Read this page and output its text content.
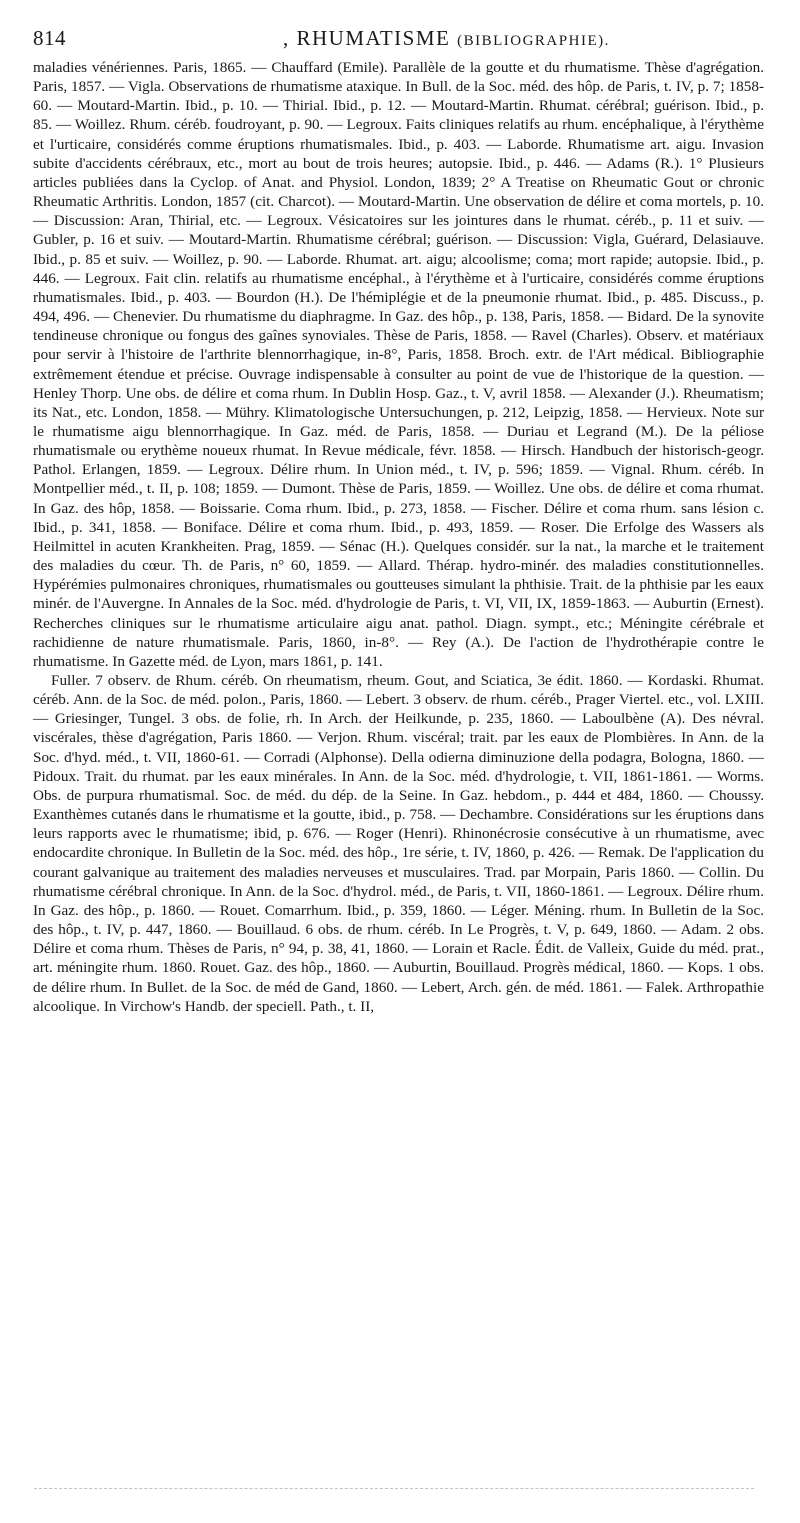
814	, RHUMATISME (BIBLIOGRAPHIE).

maladies vénériennes. Paris, 1865. — Chauffard (Emile). Parallèle de la goutte et du rhumatisme. Thèse d'agrégation. Paris, 1857. — Vigla. Observations de rhumatisme ataxique. In Bull. de la Soc. méd. des hôp. de Paris, t. IV, p. 7; 1858-60. — Moutard-Martin. Ibid., p. 10. — Thirial. Ibid., p. 12. — Moutard-Martin. Rhumat. cérébral; guérison. Ibid., p. 85. — Woillez. Rhum. céréb. foudroyant, p. 90. — Legroux. Faits cliniques relatifs au rhum. encéphalique, à l'érythème et l'urticaire, considérés comme éruptions rhumatismales. Ibid., p. 403. — Laborde. Rhumatisme art. aigu. Invasion subite d'accidents cérébraux, etc., mort au bout de trois heures; autopsie. Ibid., p. 446. — Adams (R.). 1° Plusieurs articles publiées dans la Cyclop. of Anat. and Physiol. London, 1839; 2° A Treatise on Rheumatic Gout or chronic Rheumatic Arthritis. London, 1857 (cit. Charcot). — Moutard-Martin. Une observation de délire et coma mortels, p. 10. — Discussion: Aran, Thirial, etc. — Legroux. Vésicatoires sur les jointures dans le rhumat. céréb., p. 11 et suiv. — Gubler, p. 16 et suiv. — Moutard-Martin. Rhumatisme cérébral; guérison. — Discussion: Vigla, Guérard, Delasiauve. Ibid., p. 85 et suiv. — Woillez, p. 90. — Laborde. Rhumat. art. aigu; alcoolisme; coma; mort rapide; autopsie. Ibid., p. 446. — Legroux. Fait clin. relatifs au rhumatisme encéphal., à l'érythème et à l'urticaire, considérés comme éruptions rhumatismales. Ibid., p. 403. — Bourdon (H.). De l'hémiplégie et de la pneumonie rhumat. Ibid., p. 485. Discuss., p. 494, 496. — Chenevier. Du rhumatisme du diaphragme. In Gaz. des hôp., p. 138, Paris, 1858. — Bidard. De la synovite tendineuse chronique ou fongus des gaînes synoviales. Thèse de Paris, 1858. — Ravel (Charles). Observ. et matériaux pour servir à l'histoire de l'arthrite blennorrhagique, in-8°, Paris, 1858. Broch. extr. de l'Art médical. Bibliographie extrêmement étendue et précise. Ouvrage indispensable à consulter au point de vue de l'historique de la question. — Henley Thorp. Une obs. de délire et coma rhum. In Dublin Hosp. Gaz., t. V, avril 1858. — Alexander (J.). Rheumatism; its Nat., etc. London, 1858. — Mühry. Klimatologische Untersuchungen, p. 212, Leipzig, 1858. — Hervieux. Note sur le rhumatisme aigu blennorrhagique. In Gaz. méd. de Paris, 1858. — Duriau et Legrand (M.). De la péliose rhumatismale ou erythème noueux rhumat. In Revue médicale, févr. 1858. — Hirsch. Handbuch der historisch-geogr. Pathol. Erlangen, 1859. — Legroux. Délire rhum. In Union méd., t. IV, p. 596; 1859. — Vignal. Rhum. céréb. In Montpellier méd., t. II, p. 108; 1859. — Dumont. Thèse de Paris, 1859. — Woillez. Une obs. de délire et coma rhumat. In Gaz. des hôp, 1858. — Boissarie. Coma rhum. Ibid., p. 273, 1858. — Fischer. Délire et coma rhum. sans lésion c. Ibid., p. 341, 1858. — Boniface. Délire et coma rhum. Ibid., p. 493, 1859. — Roser. Die Erfolge des Wassers als Heilmittel in acuten Krankheiten. Prag, 1859. — Sénac (H.). Quelques considér. sur la nat., la marche et le traitement des maladies du cœur. Th. de Paris, n° 60, 1859. — Allard. Thérap. hydro-minér. des maladies constitutionnelles. Hypérémies pulmonaires chroniques, rhumatismales ou goutteuses simulant la phthisie. Trait. de la phthisie par les eaux minér. de l'Auvergne. In Annales de la Soc. méd. d'hydrologie de Paris, t. VI, VII, IX, 1859-1863. — Auburtin (Ernest). Recherches cliniques sur le rhumatisme articulaire aigu anat. pathol. Diagn. sympt., etc.; Méningite cérébrale et rachidienne de nature rhumatismale. Paris, 1860, in-8°. — Rey (A.). De l'action de l'hydrothérapie contre le rhumatisme. In Gazette méd. de Lyon, mars 1861, p. 141.

Fuller. 7 observ. de Rhum. céréb. On rheumatism, rheum. Gout, and Sciatica, 3e édit. 1860. — Kordaski. Rhumat. céréb. Ann. de la Soc. de méd. polon., Paris, 1860. — Lebert. 3 observ. de rhum. céréb., Prager Viertel. etc., vol. LXIII. — Griesinger, Tungel. 3 obs. de folie, rh. In Arch. der Heilkunde, p. 235, 1860. — Laboulbène (A). Des névral. viscérales, thèse d'agrégation, Paris 1860. — Verjon. Rhum. viscéral; trait. par les eaux de Plombières. In Ann. de la Soc. d'hyd. méd., t. VII, 1860-61. — Corradi (Alphonse). Della odierna diminuzione della podagra, Bologna, 1860. — Pidoux. Trait. du rhumat. par les eaux minérales. In Ann. de la Soc. méd. d'hydrologie, t. VII, 1861-1861. — Worms. Obs. de purpura rhumatismal. Soc. de méd. du dép. de la Seine. In Gaz. hebdom., p. 444 et 484, 1860. — Choussy. Exanthèmes cutanés dans le rhumatisme et la goutte, ibid., p. 758. — Dechambre. Considérations sur les éruptions dans leurs rapports avec le rhumatisme; ibid, p. 676. — Roger (Henri). Rhinonécrosie consécutive à un rhumatisme, avec endocardite chronique. In Bulletin de la Soc. méd. des hôp., 1re série, t. IV, 1860, p. 426. — Remak. De l'application du courant galvanique au traitement des maladies nerveuses et musculaires. Trad. par Morpain, Paris 1860. — Collin. Du rhumatisme cérébral chronique. In Ann. de la Soc. d'hydrol. méd., de Paris, t. VII, 1860-1861. — Legroux. Délire rhum. In Gaz. des hôp., p. 1860. — Rouet. Comarrhum. Ibid., p. 359, 1860. — Léger. Méning. rhum. In Bulletin de la Soc. des hôp., t. IV, p. 447, 1860. — Bouillaud. 6 obs. de rhum. céréb. In Le Progrès, t. V, p. 649, 1860. — Adam. 2 obs. Délire et coma rhum. Thèses de Paris, n° 94, p. 38, 41, 1860. — Lorain et Racle. Édit. de Valleix, Guide du méd. prat., art. méningite rhum. 1860. Rouet. Gaz. des hôp., 1860. — Auburtin, Bouillaud. Progrès médical, 1860. — Kops. 1 obs. de délire rhum. In Bullet. de la Soc. de méd de Gand, 1860. — Lebert, Arch. gén. de méd. 1861. — Falek. Arthropathie alcoolique. In Virchow's Handb. der speciell. Path., t. II,
